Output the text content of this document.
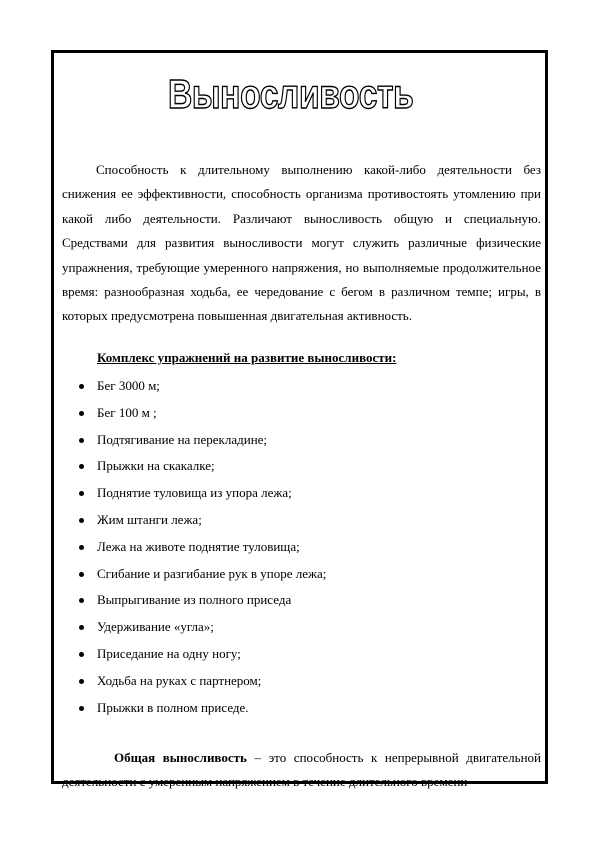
Выносливость

Способность к длительному выполнению какой-либо деятельности без снижения ее эффективности, способность организма противостоять утомлению при какой либо деятельности. Различают выносливость общую и специальную. Средствами для развития выносливости могут служить различные физические упражнения, требующие умеренного напряжения, но выполняемые продолжительное время: разнообразная ходьба, ее чередование с бегом в различном темпе; игры, в которых предусмотрена повышенная двигательная активность.

Комплекс упражнений на развитие выносливости:
Бег 3000 м;
Бег 100 м ;
Подтягивание на перекладине;
Прыжки на скакалке;
Поднятие туловища из упора лежа;
Жим штанги лежа;
Лежа на животе поднятие туловища;
Сгибание и разгибание рук в упоре лежа;
Выпрыгивание из полного приседа
Удерживание «угла»;
Приседание на одну ногу;
Ходьба на руках с партнером;
Прыжки в полном приседе.

Общая выносливость – это способность к непрерывной двигательной деятельности с умеренным напряжением в течение длительного времени
